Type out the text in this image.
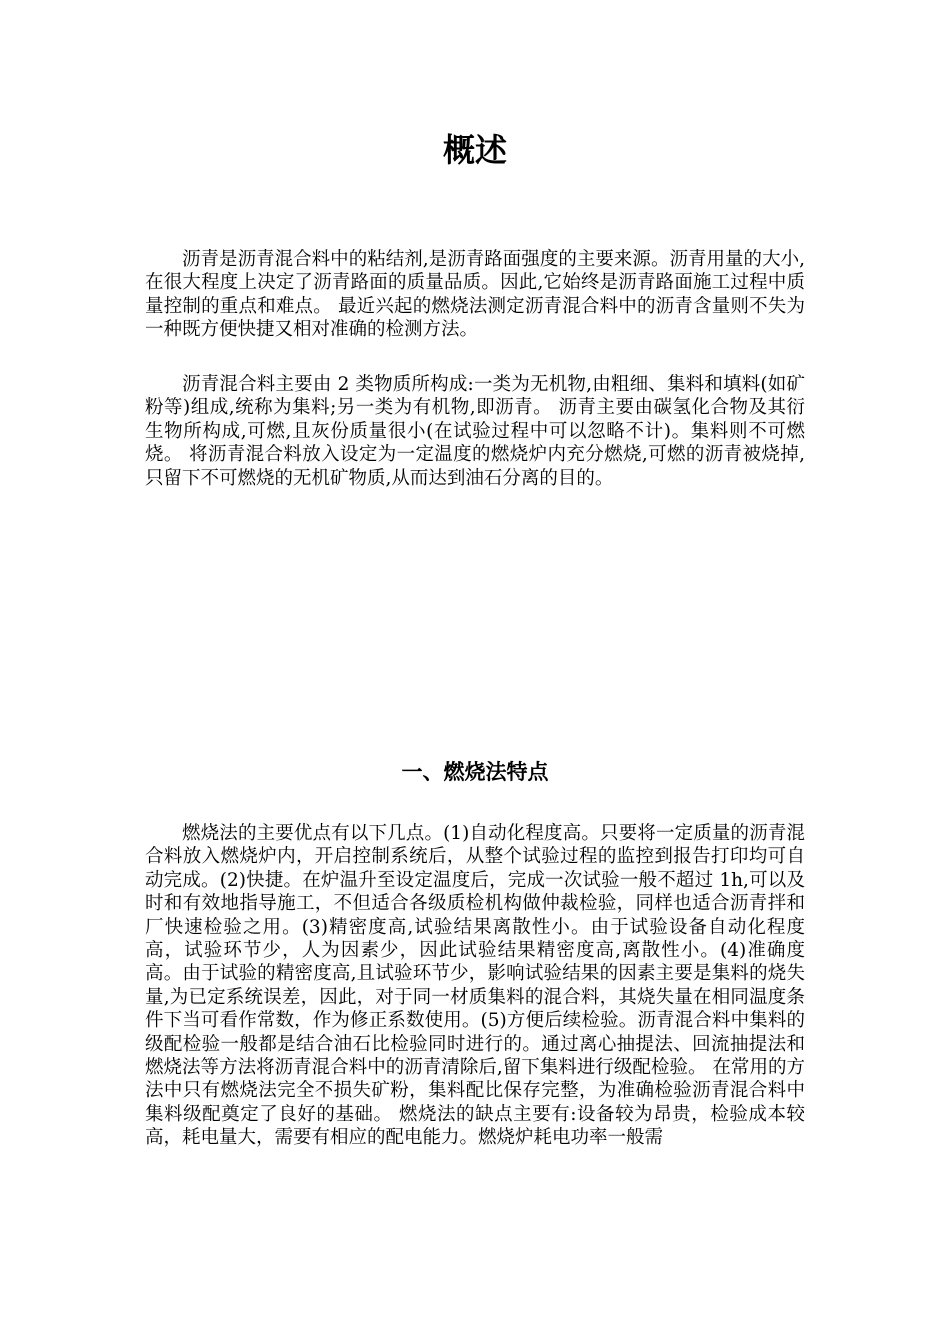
概述

沥青是沥青混合料中的粘结剂,是沥青路面强度的主要来源。沥青用量的大小,在很大程度上决定了沥青路面的质量品质。因此,它始终是沥青路面施工过程中质量控制的重点和难点。 最近兴起的燃烧法测定沥青混合料中的沥青含量则不失为一种既方便快捷又相对准确的检测方法。

沥青混合料主要由 2 类物质所构成:一类为无机物,由粗细、集料和填料(如矿粉等)组成,统称为集料;另一类为有机物,即沥青。 沥青主要由碳氢化合物及其衍生物所构成,可燃,且灰份质量很小(在试验过程中可以忽略不计)。集料则不可燃烧。 将沥青混合料放入设定为一定温度的燃烧炉内充分燃烧,可燃的沥青被烧掉,只留下不可燃烧的无机矿物质,从而达到油石分离的目的。

一、燃烧法特点

燃烧法的主要优点有以下几点。(1)自动化程度高。只要将一定质量的沥青混合料放入燃烧炉内，开启控制系统后，从整个试验过程的监控到报告打印均可自动完成。(2)快捷。在炉温升至设定温度后，完成一次试验一般不超过 1h,可以及时和有效地指导施工，不但适合各级质检机构做仲裁检验，同样也适合沥青拌和厂快速检验之用。(3)精密度高,试验结果离散性小。由于试验设备自动化程度高，试验环节少，人为因素少，因此试验结果精密度高,离散性小。(4)准确度高。由于试验的精密度高,且试验环节少，影响试验结果的因素主要是集料的烧失量,为已定系统误差，因此，对于同一材质集料的混合料，其烧失量在相同温度条件下当可看作常数，作为修正系数使用。(5)方便后续检验。沥青混合料中集料的级配检验一般都是结合油石比检验同时进行的。通过离心抽提法、回流抽提法和燃烧法等方法将沥青混合料中的沥青清除后,留下集料进行级配检验。 在常用的方法中只有燃烧法完全不损失矿粉，集料配比保存完整，为准确检验沥青混合料中集料级配奠定了良好的基础。 燃烧法的缺点主要有:设备较为昂贵，检验成本较高，耗电量大，需要有相应的配电能力。燃烧炉耗电功率一般需
